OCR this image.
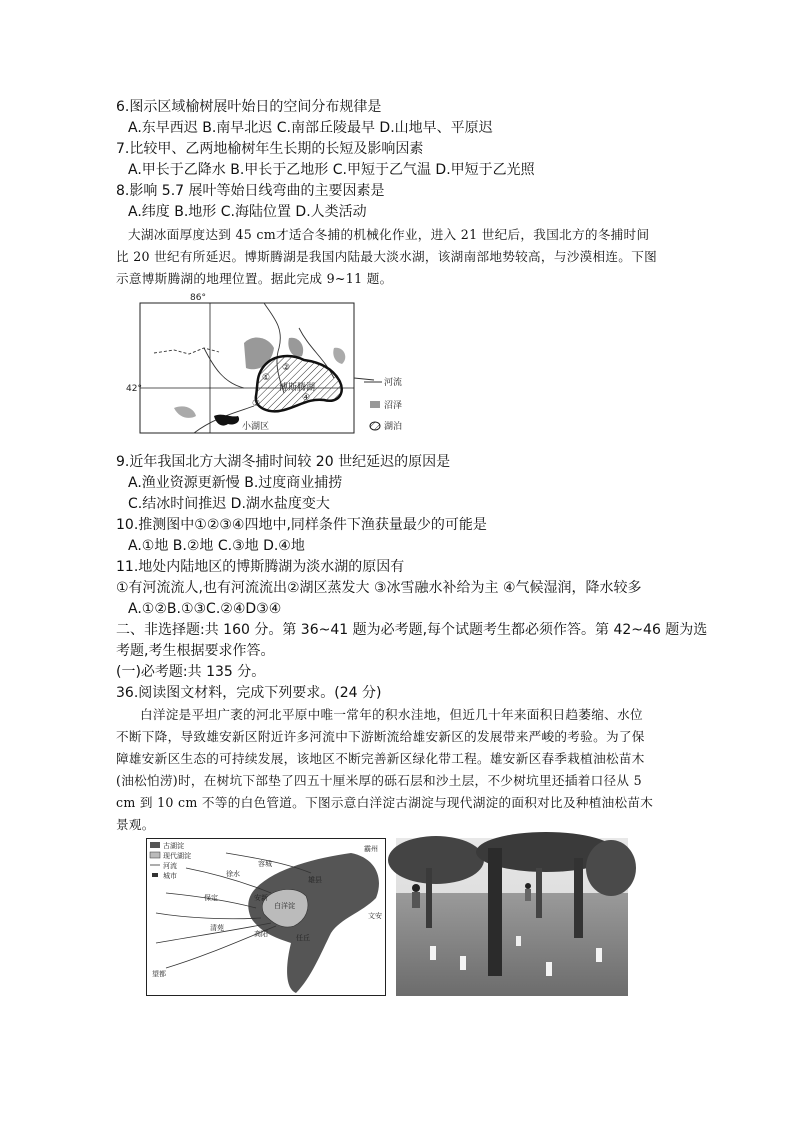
6.图示区域榆树展叶始日的空间分布规律是
A.东早西迟 B.南早北迟 C.南部丘陵最早 D.山地早、平原迟
7.比较甲、乙两地榆树年生长期的长短及影响因素
A.甲长于乙降水 B.甲长于乙地形 C.甲短于乙气温 D.甲短于乙光照
8.影响 5.7 展叶等始日线弯曲的主要因素是
A.纬度 B.地形 C.海陆位置 D.人类活动
大湖冰面厚度达到 45 cm才适合冬捕的机械化作业，进入 21 世纪后，我国北方的冬捕时间
比 20 世纪有所延迟。博斯腾湖是我国内陆最大淡水湖，该湖南部地势较高，与沙漠相连。下图
示意博斯腾湖的地理位置。据此完成 9~11 题。
86°
42°	博斯腾湖
①
②
③
④
小湖区
河流
沼泽
湖泊
9.近年我国北方大湖冬捕时间较 20 世纪延迟的原因是
A.渔业资源更新慢 B.过度商业捕捞
C.结冰时间推迟 D.湖水盐度变大
10.推测图中①②③④四地中,同样条件下渔获量最少的可能是
A.①地 B.②地 C.③地 D.④地
11.地处内陆地区的博斯腾湖为淡水湖的原因有
①有河流流人,也有河流流出②湖区蒸发大 ③冰雪融水补给为主 ④气候湿润，降水较多
A.①②B.①③C.②④D③④
二、非选择题:共 160 分。第 36~41 题为必考题,每个试题考生都必须作答。第 42~46 题为选
考题,考生根据要求作答。
(一)必考题:共 135 分。
36.阅读图文材料，完成下列要求。(24 分)
白洋淀是平坦广袤的河北平原中唯一常年的积水洼地，但近几十年来面积日趋萎缩、水位
不断下降，导致雄安新区附近许多河流中下游断流给雄安新区的发展带来严峻的考验。为了保
障雄安新区生态的可持续发展，该地区不断完善新区绿化带工程。雄安新区春季栽植油松苗木
(油松怕涝)时，在树坑下部垫了四五十厘米厚的砾石层和沙土层，不少树坑里还插着口径从 5
cm 到 10 cm 不等的白色管道。下图示意白洋淀古湖淀与现代湖淀的面积对比及种植油松苗木
景观。
古湖淀
现代湖淀
河流
城市
容城
霸州
徐水
雄县
保定	安新
白洋淀
清苑
高阳	任丘
文安
望都
